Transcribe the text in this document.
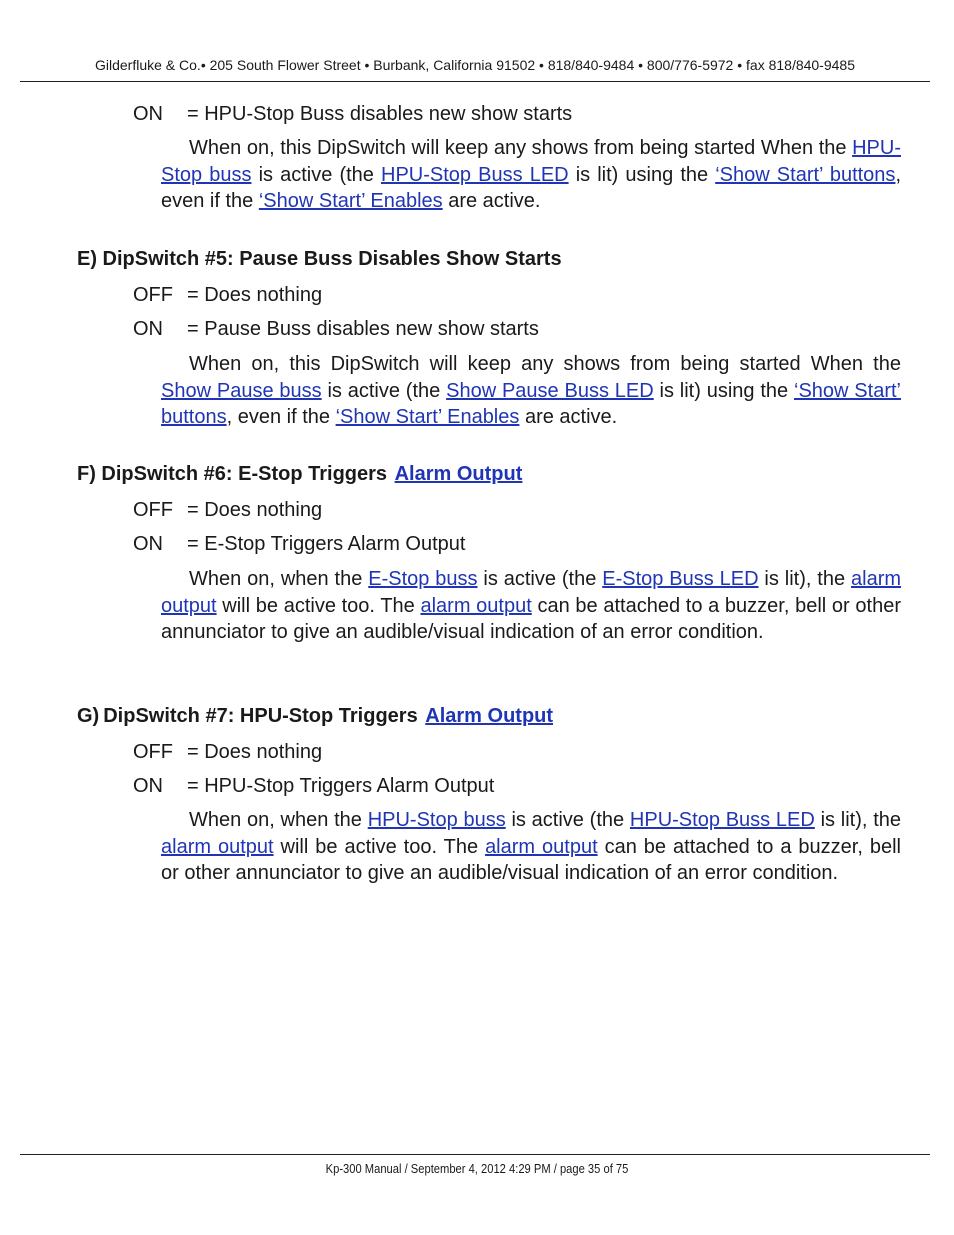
Gilderfluke & Co.• 205 South Flower Street • Burbank, California 91502 • 818/840-9484 • 800/776-5972 • fax 818/840-9485
ON = HPU-Stop Buss disables new show starts
When on, this DipSwitch will keep any shows from being started When the HPU-Stop buss is active (the HPU-Stop Buss LED is lit) using the ‘Show Start’ buttons, even if the ‘Show Start’ Enables are active.
E) DipSwitch #5: Pause Buss Disables Show Starts
OFF = Does nothing
ON = Pause Buss disables new show starts
When on, this DipSwitch will keep any shows from being started When the Show Pause buss is active (the Show Pause Buss LED is lit) using the ‘Show Start’ buttons, even if the ‘Show Start’ Enables are active.
F) DipSwitch #6: E-Stop Triggers Alarm Output
OFF = Does nothing
ON = E-Stop Triggers Alarm Output
When on, when the E-Stop buss is active (the E-Stop Buss LED is lit), the alarm output will be active too. The alarm output can be attached to a buzzer, bell or other annunciator to give an audible/visual indication of an error condition.
G) DipSwitch #7: HPU-Stop Triggers Alarm Output
OFF = Does nothing
ON = HPU-Stop Triggers Alarm Output
When on, when the HPU-Stop buss is active (the HPU-Stop Buss LED is lit), the alarm output will be active too. The alarm output can be attached to a buzzer, bell or other annunciator to give an audible/visual indication of an error condition.
Kp-300 Manual / September 4, 2012 4:29 PM / page 35 of 75
